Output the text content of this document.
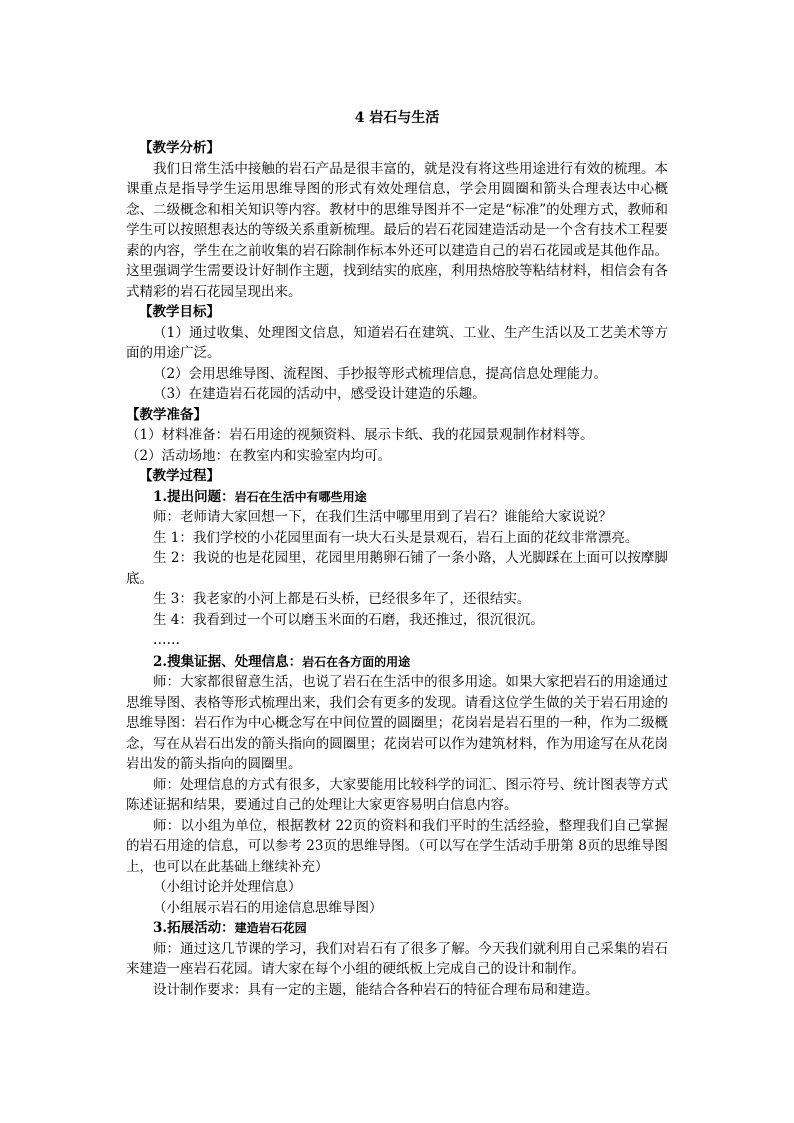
4 岩石与生活

【教学分析】

我们日常生活中接触的岩石产品是很丰富的，就是没有将这些用途进行有效的梳理。本课重点是指导学生运用思维导图的形式有效处理信息，学会用圆圈和箭头合理表达中心概念、二级概念和相关知识等内容。教材中的思维导图并不一定是“标准”的处理方式，教师和学生可以按照想表达的等级关系重新梳理。最后的岩石花园建造活动是一个含有技术工程要素的内容，学生在之前收集的岩石除制作标本外还可以建造自己的岩石花园或是其他作品。这里强调学生需要设计好制作主题，找到结实的底座，利用热熔胶等粘结材料，相信会有各式精彩的岩石花园呈现出来。

【教学目标】

（1）通过收集、处理图文信息，知道岩石在建筑、工业、生产生活以及工艺美术等方面的用途广泛。

（2）会用思维导图、流程图、手抄报等形式梳理信息，提高信息处理能力。

（3）在建造岩石花园的活动中，感受设计建造的乐趣。

【教学准备】

（1）材料准备：岩石用途的视频资料、展示卡纸、我的花园景观制作材料等。

（2）活动场地：在教室内和实验室内均可。

【教学过程】

1.提出问题：岩石在生活中有哪些用途

师：老师请大家回想一下，在我们生活中哪里用到了岩石？谁能给大家说说？

生 1：我们学校的小花园里面有一块大石头是景观石，岩石上面的花纹非常漂亮。

生 2：我说的也是花园里，花园里用鹅卵石铺了一条小路，人光脚踩在上面可以按摩脚底。

生 3：我老家的小河上都是石头桥，已经很多年了，还很结实。

生 4：我看到过一个可以磨玉米面的石磨，我还推过，很沉很沉。

……

2.搜集证据、处理信息：岩石在各方面的用途

师：大家都很留意生活，也说了岩石在生活中的很多用途。如果大家把岩石的用途通过思维导图、表格等形式梳理出来，我们会有更多的发现。请看这位学生做的关于岩石用途的思维导图：岩石作为中心概念写在中间位置的圆圈里；花岗岩是岩石里的一种，作为二级概念，写在从岩石出发的箭头指向的圆圈里；花岗岩可以作为建筑材料，作为用途写在从花岗岩出发的箭头指向的圆圈里。

师：处理信息的方式有很多，大家要能用比较科学的词汇、图示符号、统计图表等方式陈述证据和结果，要通过自己的处理让大家更容易明白信息内容。

师：以小组为单位，根据教材 22页的资料和我们平时的生活经验，整理我们自己掌握的岩石用途的信息，可以参考 23页的思维导图。（可以写在学生活动手册第 8页的思维导图上，也可以在此基础上继续补充）

（小组讨论并处理信息）

（小组展示岩石的用途信息思维导图）

3.拓展活动：建造岩石花园

师：通过这几节课的学习，我们对岩石有了很多了解。今天我们就利用自己采集的岩石来建造一座岩石花园。请大家在每个小组的硬纸板上完成自己的设计和制作。

设计制作要求：具有一定的主题，能结合各种岩石的特征合理布局和建造。
